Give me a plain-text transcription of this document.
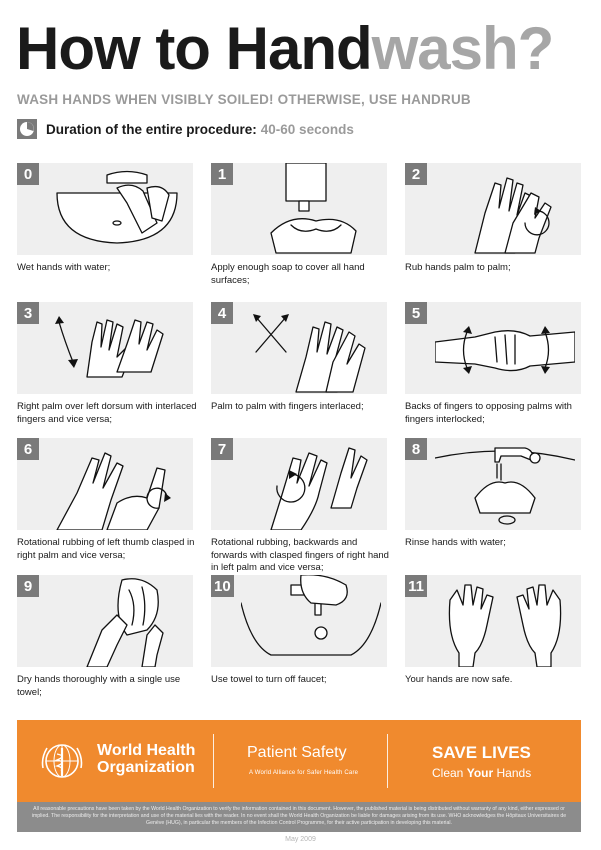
How to Handwash?
WASH HANDS WHEN VISIBLY SOILED! OTHERWISE, USE HANDRUB
Duration of the entire procedure: 40-60 seconds
0
Wet hands with water;
1
Apply enough soap to cover all hand surfaces;
2
Rub hands palm to palm;
3
Right palm over left dorsum with interlaced fingers and vice versa;
4
Palm to palm with fingers interlaced;
5
Backs of fingers to opposing palms with fingers interlocked;
6
Rotational rubbing of left thumb clasped in right palm and vice versa;
7
Rotational rubbing, backwards and forwards with clasped fingers of right hand in left palm and vice versa;
8
Rinse hands with water;
9
Dry hands thoroughly with a single use towel;
10
Use towel to turn off faucet;
11
Your hands are now safe.
World Health
Organization
Patient Safety
A World Alliance for Safer Health Care
SAVE LIVES
Clean Your Hands
All reasonable precautions have been taken by the World Health Organization to verify the information contained in this document. However, the published material is being distributed without warranty of any kind, either expressed or implied. The responsibility for the interpretation and use of the material lies with the reader. In no event shall the World Health Organization be liable for damages arising from its use. WHO acknowledges the Hôpitaux Universitaires de Genève (HUG), in particular the members of the Infection Control Programme, for their active participation in developing this material.
May 2009
